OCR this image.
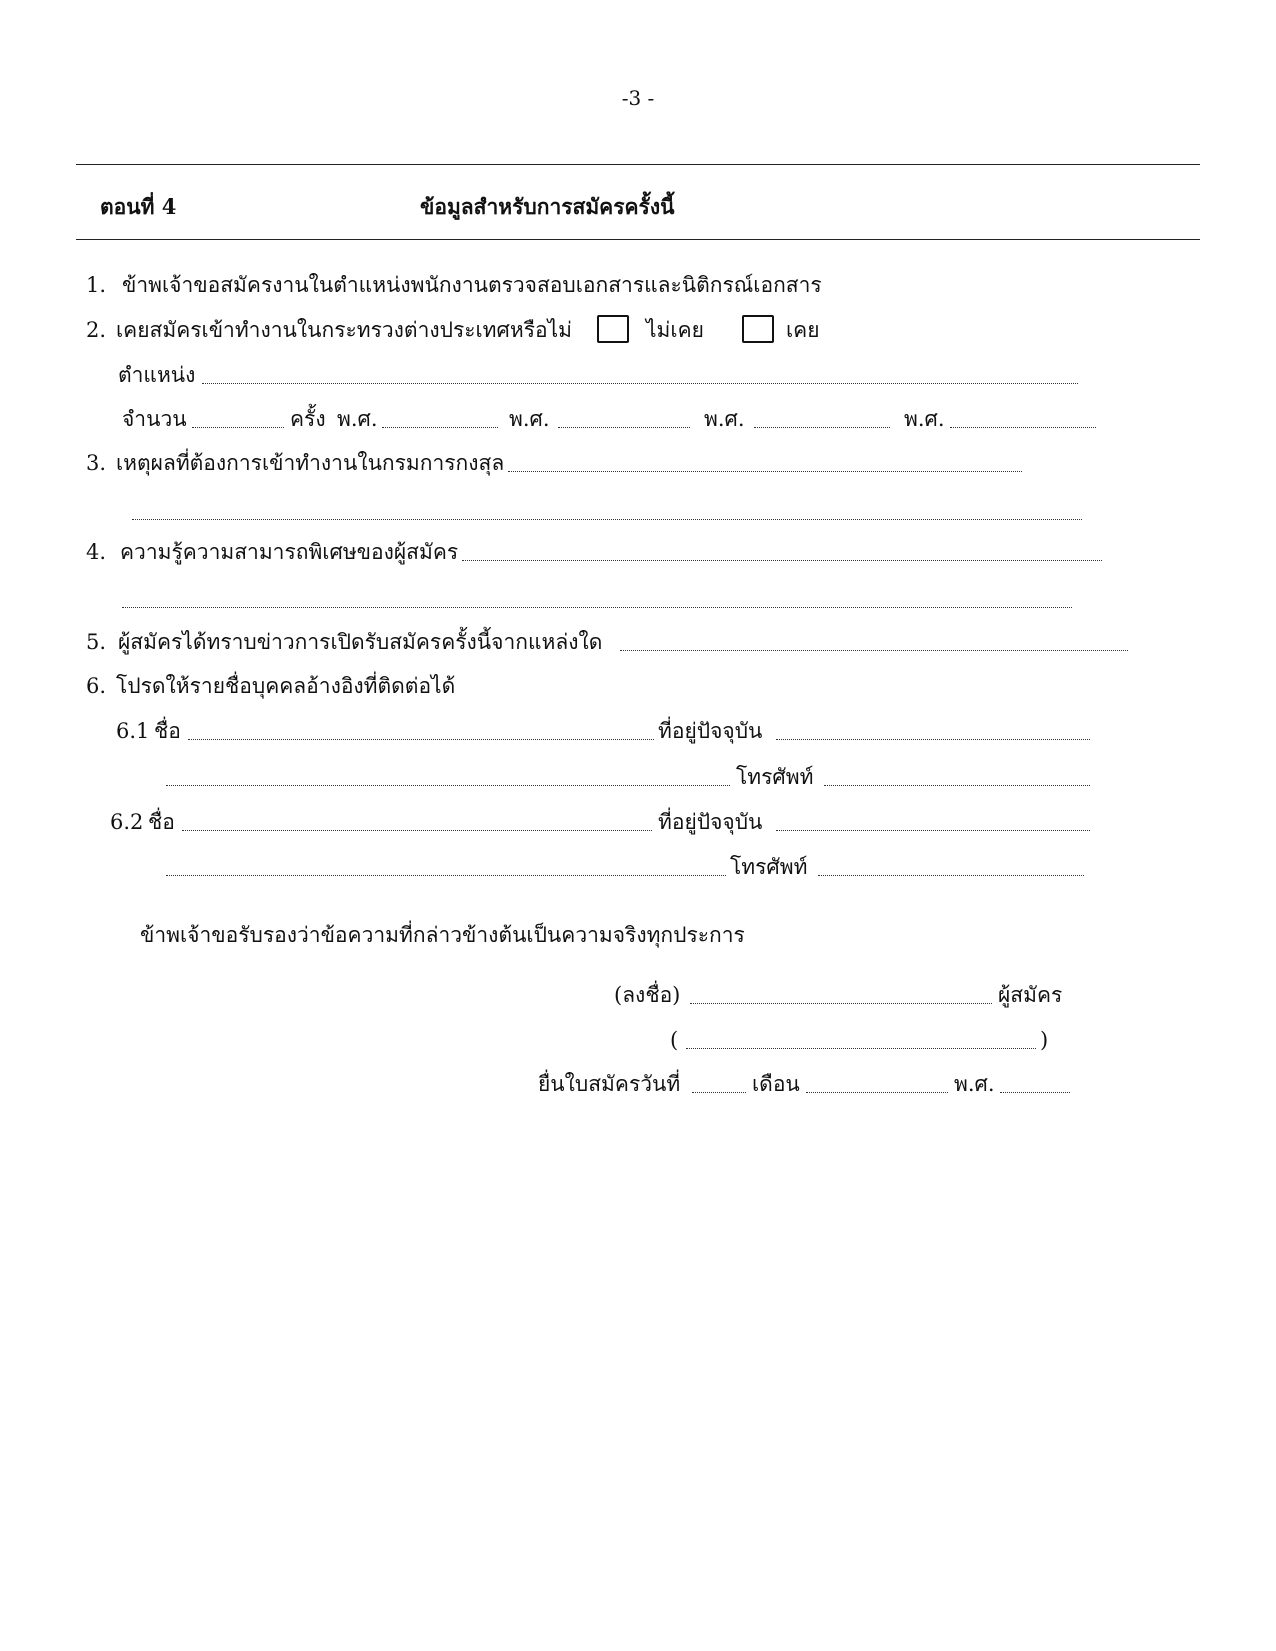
-3 -
ตอนที่ 4	ข้อมูลสำหรับการสมัครครั้งนี้
1. ข้าพเจ้าขอสมัครงานในตำแหน่งพนักงานตรวจสอบเอกสารและนิติกรณ์เอกสาร
2. เคยสมัครเข้าทำงานในกระทรวงต่างประเทศหรือไม่	ไม่เคย	เคย
ตำแหน่ง
จำนวน	ครั้ง พ.ศ.	พ.ศ.	พ.ศ.	พ.ศ.
3. เหตุผลที่ต้องการเข้าทำงานในกรมการกงสุล
4. ความรู้ความสามารถพิเศษของผู้สมัคร
5. ผู้สมัครได้ทราบข่าวการเปิดรับสมัครครั้งนี้จากแหล่งใด
6. โปรดให้รายชื่อบุคคลอ้างอิงที่ติดต่อได้
6.1 ชื่อ	ที่อยู่ปัจจุบัน
โทรศัพท์
6.2 ชื่อ	ที่อยู่ปัจจุบัน
โทรศัพท์
ข้าพเจ้าขอรับรองว่าข้อความที่กล่าวข้างต้นเป็นความจริงทุกประการ
(ลงชื่อ)	ผู้สมัคร
(	)
ยื่นใบสมัครวันที่	เดือน	พ.ศ.
